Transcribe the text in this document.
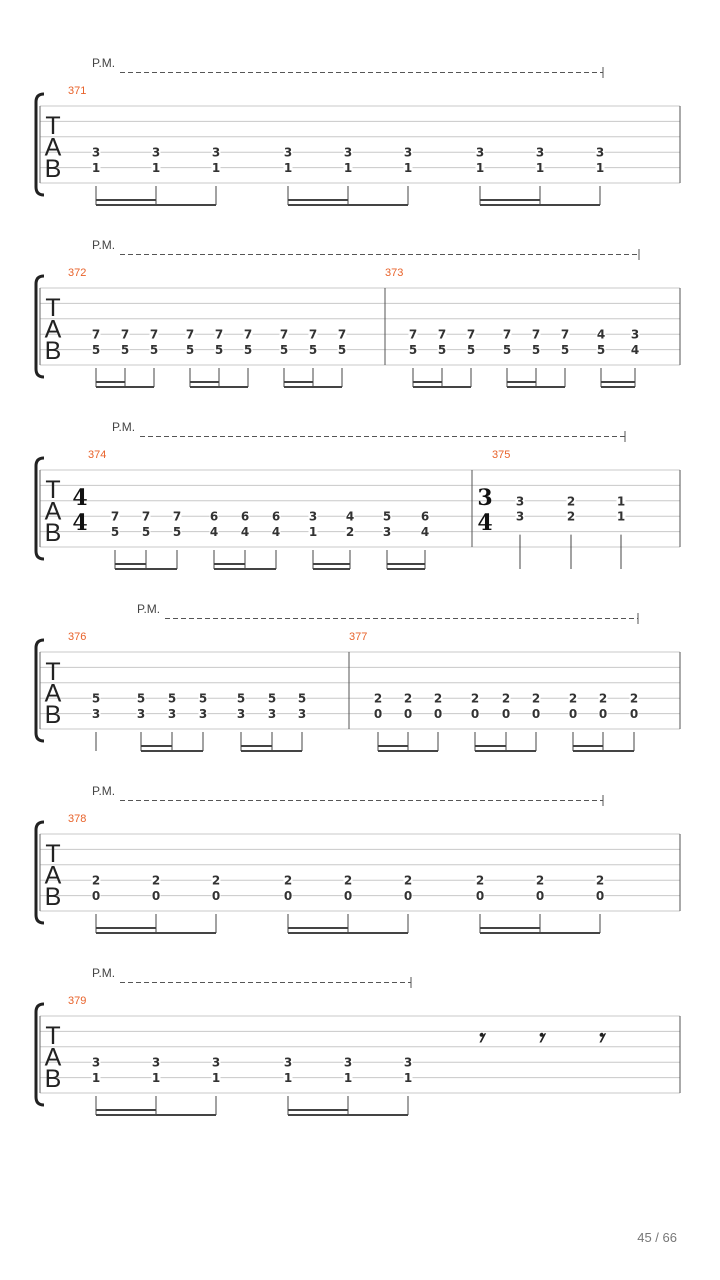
P.M.
T
A
B
371
3
1
3
1
3
1
3
1
3
1
3
1
3
1
3
1
3
1
P.M.
T
A
B
372
7
5
7
5
7
5
7
5
7
5
7
5
7
5
7
5
7
5
373
7
5
7
5
7
5
7
5
7
5
7
5
4
5
3
4
P.M.
T
A
B
374
4
4 7
5
7
5
7
5
6
4
6
4
6
4
3
1
4
2
5
3
6
4
375
3
4
3
3
2
2
1
1
P.M.
T
A
B
376
5
3
5
3
5
3
5
3
5
3
5
3
5
3
377
2
0
2
0
2
0
2
0
2
0
2
0
2
0
2
0
2
0
P.M.
T
A
B
378
2
0
2
0
2
0
2
0
2
0
2
0
2
0
2
0
2
0
P.M.
T
A
B
379
3
1
3
1
3
1
3
1
3
1
3
1
𝄾 𝄾 𝄾
45 / 66
